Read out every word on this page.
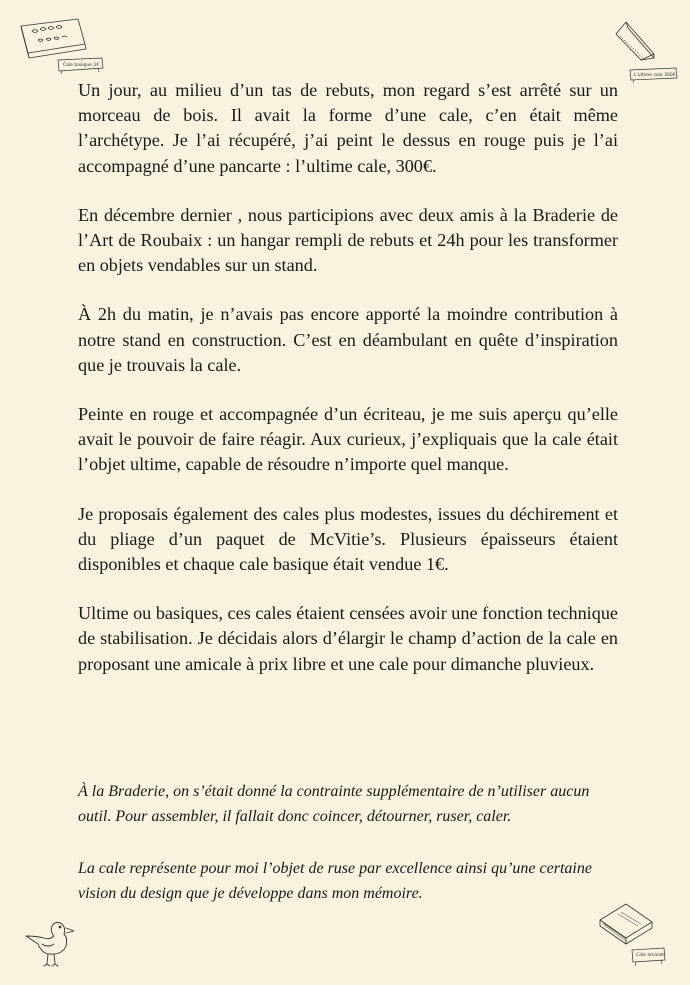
Cale basique 1€
L'ultime cale 300€

Un jour, au milieu d’un tas de rebuts, mon regard s’est arrêté sur un morceau de bois. Il avait la forme d’une cale, c’en était même l’archétype. Je l’ai récupéré, j’ai peint le dessus en rouge puis je l’ai accompagné d’une pancarte : l’ultime cale, 300€.

En décembre dernier , nous participions avec deux amis à la Braderie de l’Art de Roubaix : un hangar rempli de rebuts et 24h pour les transformer en objets vendables sur un stand.

À 2h du matin, je n’avais pas encore apporté la moindre contribution à notre stand en construction. C’est en déambulant en quête d’inspiration que je trouvais la cale.

Peinte en rouge et accompagnée d’un écriteau, je me suis aperçu qu’elle avait le pouvoir de faire réagir. Aux curieux, j’expliquais que la cale était l’objet ultime, capable de résoudre n’importe quel manque.

Je proposais également des cales plus modestes, issues du déchirement et du pliage d’un paquet de McVitie’s. Plusieurs épaisseurs étaient disponibles et chaque cale basique était vendue 1€.

Ultime ou basiques, ces cales étaient censées avoir une fonction technique de stabilisation. Je décidais alors d’élargir le champ d’action de la cale en proposant une amicale à prix libre et une cale pour dimanche pluvieux.

À la Braderie, on s’était donné la contrainte supplémentaire de n’utiliser aucun outil. Pour assembler, il fallait donc coincer, détourner, ruser, caler.

La cale représente pour moi l’objet de ruse par excellence ainsi qu’une certaine vision du design que je développe dans mon mémoire.

Cale amicale
